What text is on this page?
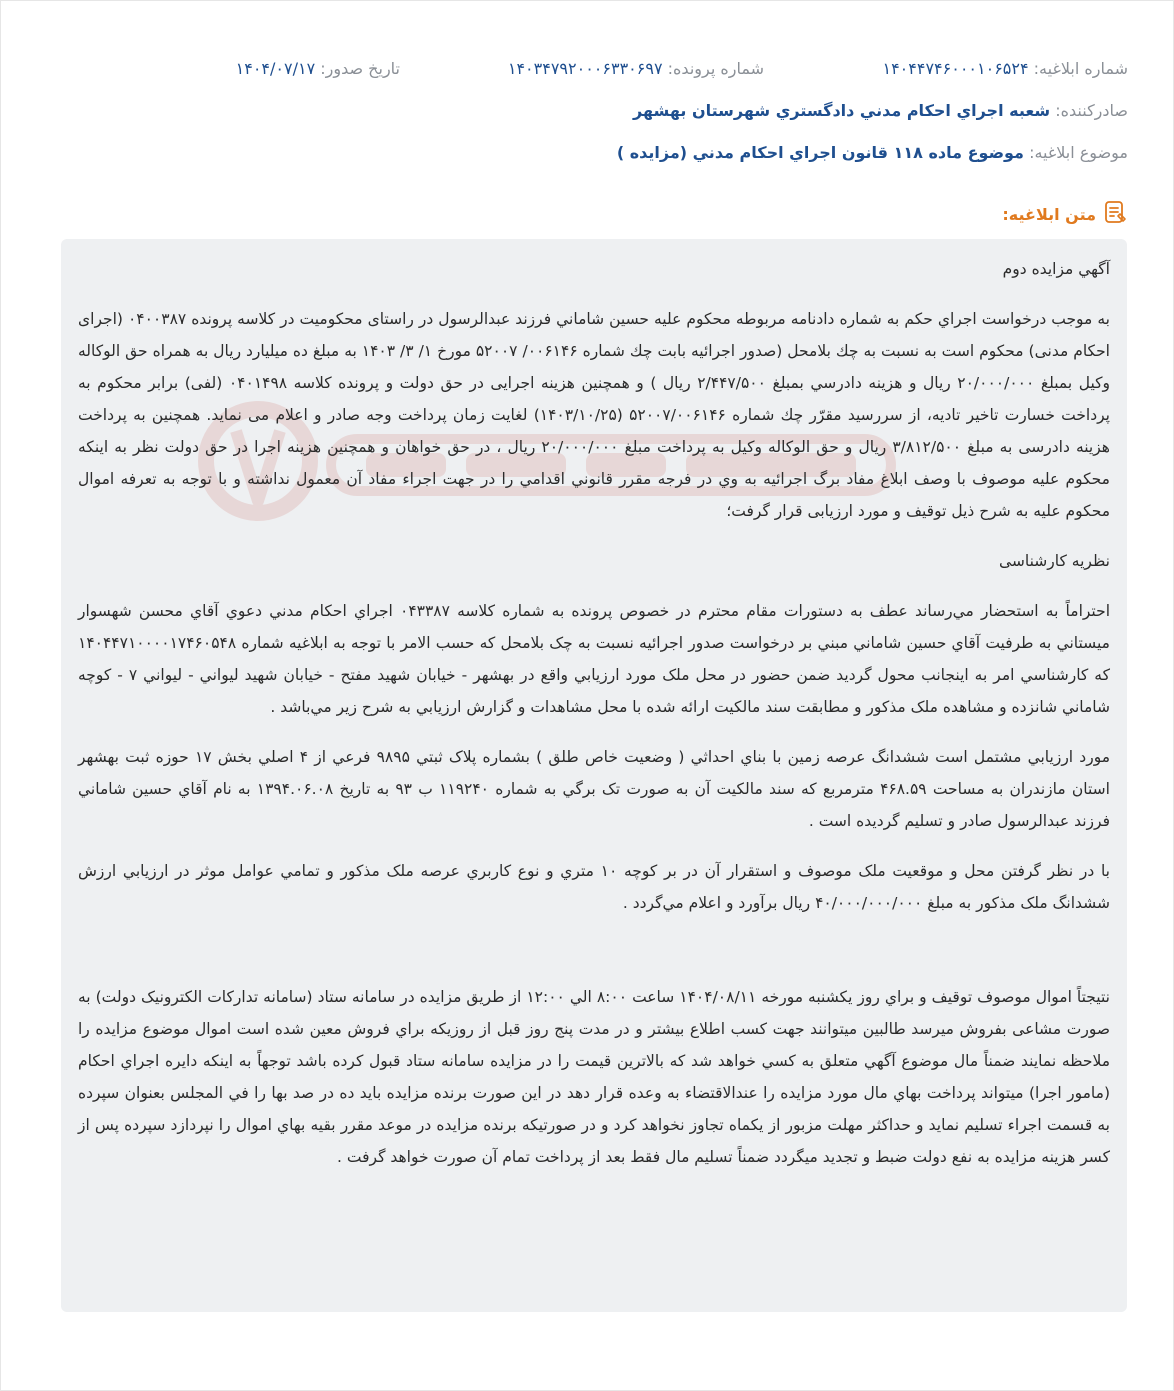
شماره ابلاغيه: ۱۴۰۴۴۷۴۶۰۰۰۱۰۶۵۲۴
شماره پرونده: ۱۴۰۳۴۷۹۲۰۰۰۶۳۳۰۶۹۷
تاريخ صدور: ۱۴۰۴/۰۷/۱۷
صادرکننده: شعبه اجراي احکام مدني دادگستري شهرستان بهشهر
موضوع ابلاغيه: موضوع ماده ۱۱۸ قانون اجراي احکام مدني (مزايده )
متن ابلاغيه:

آگهي مزايده دوم

به موجب درخواست اجراي حکم به شماره دادنامه مربوطه محکوم عليه حسين شاماني فرزند عبدالرسول در راستای محکوميت در کلاسه پرونده ۰۴۰۰۳۸۷ (اجرای احکام مدنی) محکوم است به نسبت به چك بلامحل (صدور اجرائیه بابت چك شماره ۰۰۶۱۴۶/ ۵۲۰۰۷ مورخ ۱/ ۳/ ۱۴۰۳ به مبلغ ده میلیارد ریال به همراه حق الوکاله وکیل بمبلغ ۲۰/۰۰۰/۰۰۰ ریال و هزینه دادرسي بمبلغ ۲/۴۴۷/۵۰۰ ریال ) و همچنین هزینه اجرایی در حق دولت و پرونده کلاسه ۰۴۰۱۴۹۸ (لفی) برابر محکوم به پرداخت خسارت تاخیر تادیه، از سررسید مقرّر چك شماره ۵۲۰۰۷/۰۰۶۱۴۶ (۱۴۰۳/۱۰/۲۵) لغایت زمان پرداخت وجه صادر و اعلام می نماید. همچنین به پرداخت هزینه دادرسی به مبلغ ۳/۸۱۲/۵۰۰ ریال و حق الوکاله وکیل به پرداخت مبلغ ۲۰/۰۰۰/۰۰۰ ریال ، در حق خواهان و همچنين هزينه اجرا در حق دولت نظر به اينکه محکوم عليه موصوف با وصف ابلاغ مفاد برگ اجرائيه به وي در فرجه مقرر قانوني اقدامي را در جهت اجراء مفاد آن معمول نداشته و با توجه به تعرفه اموال محکوم عليه به شرح ذيل توقيف و مورد ارزيابی قرار گرفت؛

نظريه کارشناسی

احتراماً به استحضار مي‌رساند عطف به دستورات مقام محترم در خصوص پرونده به شماره کلاسه ۰۴۳۳۸۷ اجراي احکام مدني دعوي آقاي محسن شهسوار ميستاني به طرفيت آقاي حسين شاماني مبني بر درخواست صدور اجرائيه نسبت به چک بلامحل که حسب الامر با توجه به ابلاغيه شماره ۱۴۰۴۴۷۱۰۰۰۰۱۷۴۶۰۵۴۸ که کارشناسي امر به اينجانب محول گرديد ضمن حضور در محل ملک مورد ارزيابي واقع در بهشهر - خيابان شهيد مفتح - خيابان شهيد ليواني - ليواني ۷ - کوچه شاماني شانزده و مشاهده ملک مذکور و مطابقت سند مالکيت ارائه شده با محل مشاهدات و گزارش ارزيابي به شرح زير مي‌باشد .

مورد ارزيابي مشتمل است ششدانگ عرصه زمين با بناي احداثي ( وضعيت خاص طلق ) بشماره پلاک ثبتي ۹۸۹۵ فرعي از ۴ اصلي بخش ۱۷ حوزه ثبت بهشهر استان مازندران به مساحت ۴۶۸.۵۹ مترمربع که سند مالکيت آن به صورت تک برگي به شماره ۱۱۹۲۴۰ ب ۹۳ به تاريخ ۱۳۹۴.۰۶.۰۸ به نام آقاي حسين شاماني فرزند عبدالرسول صادر و تسليم گرديده است .

با در نظر گرفتن محل و موقعيت ملک موصوف و استقرار آن در بر کوچه ۱۰ متري و نوع کاربري عرصه ملک مذکور و تمامي عوامل موثر در ارزيابي ارزش ششدانگ ملک مذکور به مبلغ ۴۰/۰۰۰/۰۰۰/۰۰۰ ريال برآورد و اعلام مي‌گردد .

نتيجتاً اموال موصوف توقيف و براي روز يکشنبه مورخه ۱۴۰۴/۰۸/۱۱ ساعت ۸:۰۰ الي ۱۲:۰۰ از طريق مزايده در سامانه ستاد (سامانه تدارکات الکترونيک دولت) به صورت مشاعی بفروش ميرسد طالبين ميتوانند جهت کسب اطلاع بيشتر و در مدت پنج روز قبل از روزيکه براي فروش معين شده است اموال موضوع مزايده را ملاحظه نمايند ضمناً مال موضوع آگهي متعلق به کسي خواهد شد که بالاترين قيمت را در مزايده سامانه ستاد قبول کرده باشد توجهاً به اينکه دايره اجراي احکام (مامور اجرا) ميتواند پرداخت بهاي مال مورد مزايده را عندالاقتضاء به وعده قرار دهد در اين صورت برنده مزايده بايد ده در صد بها را في المجلس بعنوان سپرده به قسمت اجراء تسليم نمايد و حداکثر مهلت مزبور از يکماه تجاوز نخواهد کرد و در صورتيکه برنده مزايده در موعد مقرر بقيه بهاي اموال را نپردازد سپرده پس از کسر هزينه مزايده به نفع دولت ضبط و تجديد ميگردد ضمناً تسليم مال فقط بعد از پرداخت تمام آن صورت خواهد گرفت .
